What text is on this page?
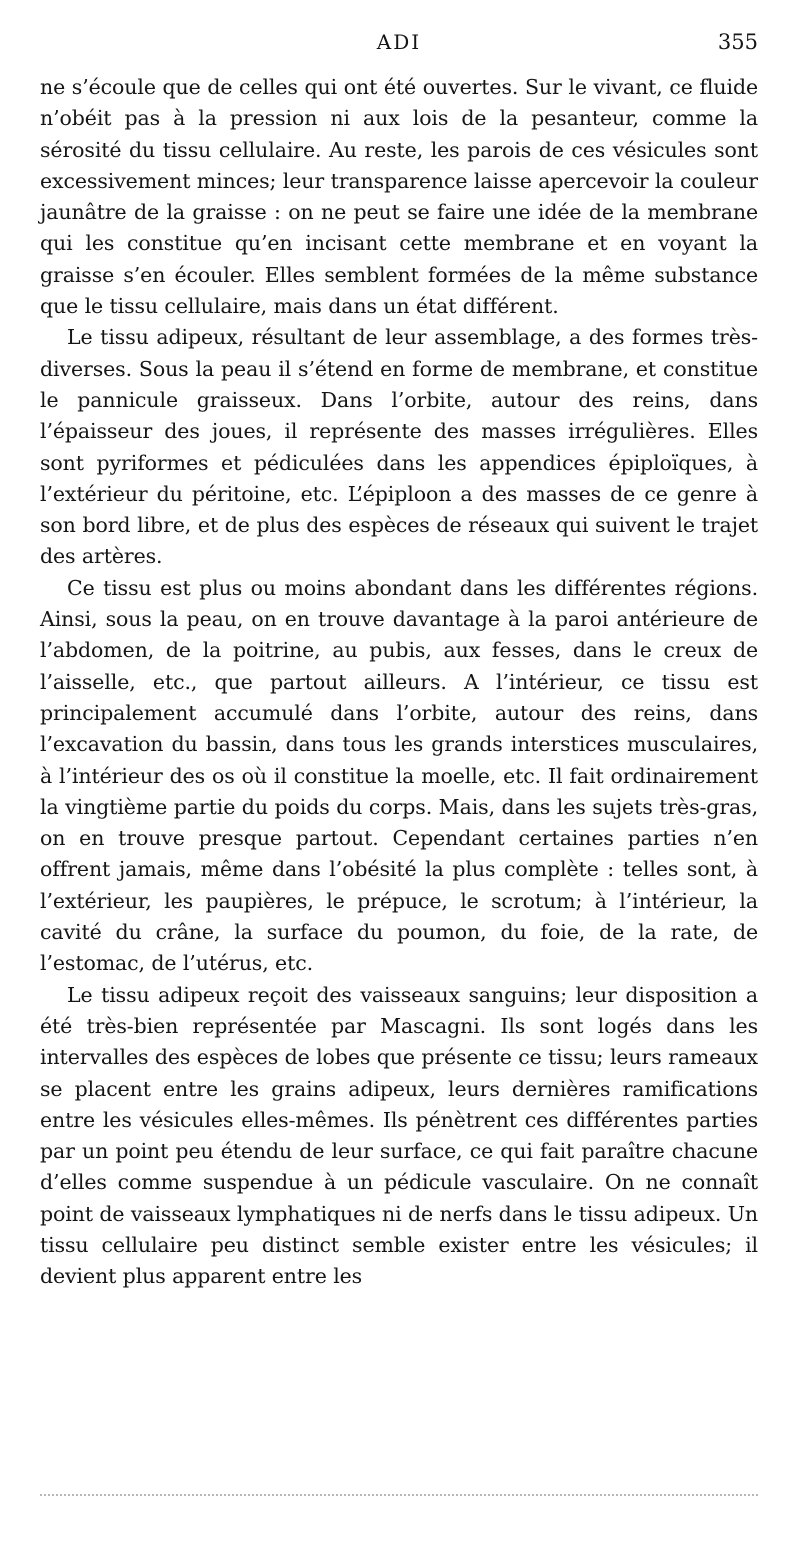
ADI	355

ne s’écoule que de celles qui ont été ouvertes. Sur le vivant, ce fluide n’obéit pas à la pression ni aux lois de la pesanteur, comme la sérosité du tissu cellulaire. Au reste, les parois de ces vésicules sont excessivement minces; leur transparence laisse apercevoir la couleur jaunâtre de la graisse : on ne peut se faire une idée de la membrane qui les constitue qu’en incisant cette membrane et en voyant la graisse s’en écouler. Elles semblent formées de la même substance que le tissu cellulaire, mais dans un état différent.

Le tissu adipeux, résultant de leur assemblage, a des formes très-diverses. Sous la peau il s’étend en forme de membrane, et constitue le pannicule graisseux. Dans l’orbite, autour des reins, dans l’épaisseur des joues, il représente des masses irrégulières. Elles sont pyriformes et pédiculées dans les appendices épiploïques, à l’extérieur du péritoine, etc. L’épiploon a des masses de ce genre à son bord libre, et de plus des espèces de réseaux qui suivent le trajet des artères.

Ce tissu est plus ou moins abondant dans les différentes régions. Ainsi, sous la peau, on en trouve davantage à la paroi antérieure de l’abdomen, de la poitrine, au pubis, aux fesses, dans le creux de l’aisselle, etc., que partout ailleurs. A l’intérieur, ce tissu est principalement accumulé dans l’orbite, autour des reins, dans l’excavation du bassin, dans tous les grands interstices musculaires, à l’intérieur des os où il constitue la moelle, etc. Il fait ordinairement la vingtième partie du poids du corps. Mais, dans les sujets très-gras, on en trouve presque partout. Cependant certaines parties n’en offrent jamais, même dans l’obésité la plus complète : telles sont, à l’extérieur, les paupières, le prépuce, le scrotum; à l’intérieur, la cavité du crâne, la surface du poumon, du foie, de la rate, de l’estomac, de l’utérus, etc.

Le tissu adipeux reçoit des vaisseaux sanguins; leur disposition a été très-bien représentée par Mascagni. Ils sont logés dans les intervalles des espèces de lobes que présente ce tissu; leurs rameaux se placent entre les grains adipeux, leurs dernières ramifications entre les vésicules elles-mêmes. Ils pénètrent ces différentes parties par un point peu étendu de leur surface, ce qui fait paraître chacune d’elles comme suspendue à un pédicule vasculaire. On ne connaît point de vaisseaux lymphatiques ni de nerfs dans le tissu adipeux. Un tissu cellulaire peu distinct semble exister entre les vésicules; il devient plus apparent entre les
